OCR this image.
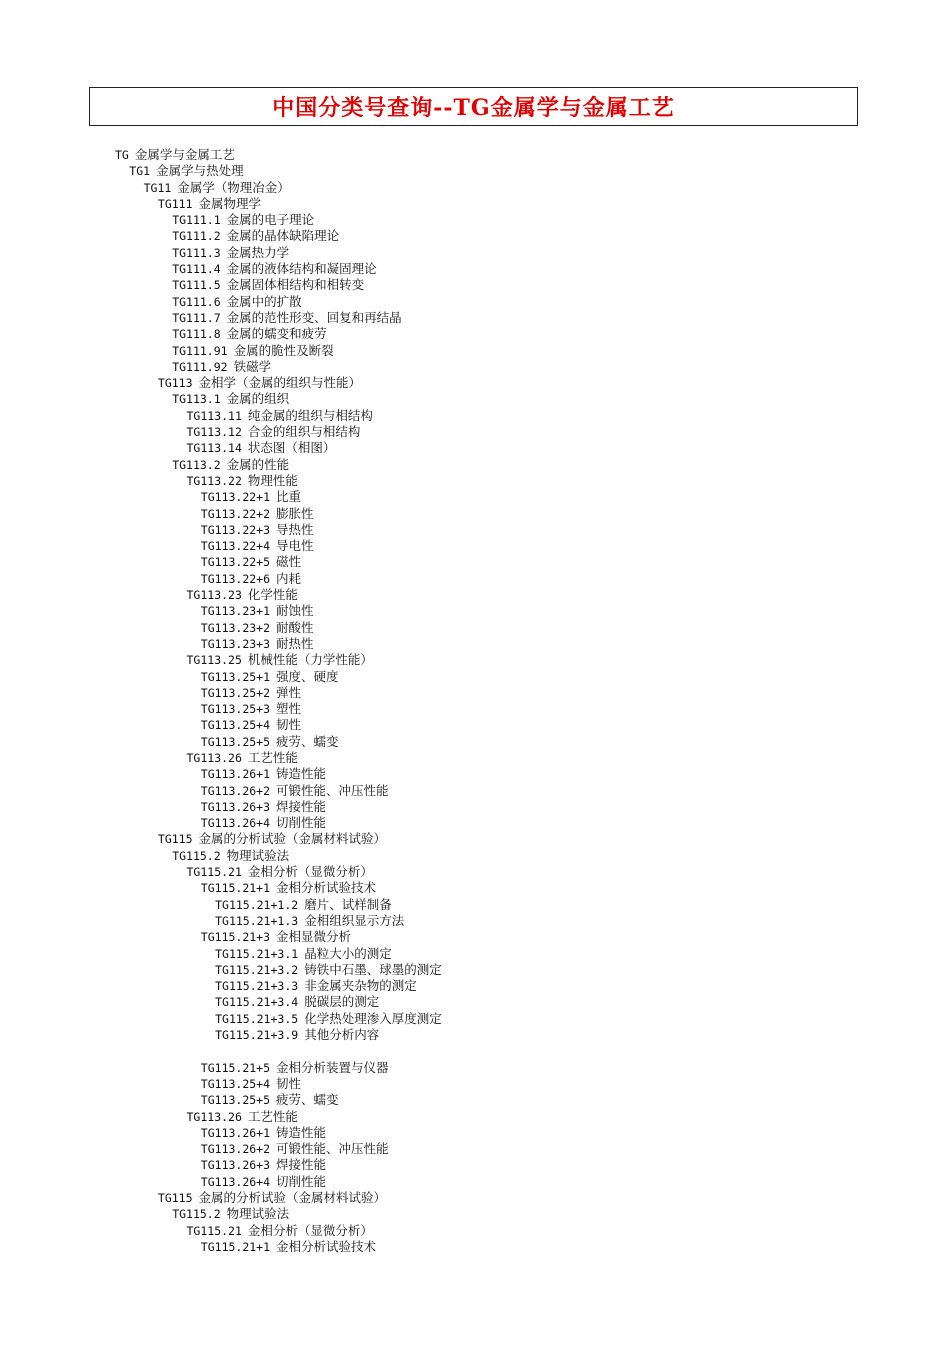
中国分类号查询--TG金属学与金属工艺
TG 金属学与金属工艺
TG1 金属学与热处理
TG11 金属学（物理冶金）
TG111 金属物理学
TG111.1 金属的电子理论
TG111.2 金属的晶体缺陷理论
TG111.3 金属热力学
TG111.4 金属的液体结构和凝固理论
TG111.5 金属固体相结构和相转变
TG111.6 金属中的扩散
TG111.7 金属的范性形变、回复和再结晶
TG111.8 金属的蠕变和疲劳
TG111.91 金属的脆性及断裂
TG111.92 铁磁学
TG113 金相学（金属的组织与性能）
TG113.1 金属的组织
TG113.11 纯金属的组织与相结构
TG113.12 合金的组织与相结构
TG113.14 状态图（相图）
TG113.2 金属的性能
TG113.22 物理性能
TG113.22+1 比重
TG113.22+2 膨胀性
TG113.22+3 导热性
TG113.22+4 导电性
TG113.22+5 磁性
TG113.22+6 内耗
TG113.23 化学性能
TG113.23+1 耐蚀性
TG113.23+2 耐酸性
TG113.23+3 耐热性
TG113.25 机械性能（力学性能）
TG113.25+1 强度、硬度
TG113.25+2 弹性
TG113.25+3 塑性
TG113.25+4 韧性
TG113.25+5 疲劳、蠕变
TG113.26 工艺性能
TG113.26+1 铸造性能
TG113.26+2 可锻性能、冲压性能
TG113.26+3 焊接性能
TG113.26+4 切削性能
TG115 金属的分析试验（金属材料试验）
TG115.2 物理试验法
TG115.21 金相分析（显微分析）
TG115.21+1 金相分析试验技术
TG115.21+1.2 磨片、试样制备
TG115.21+1.3 金相组织显示方法
TG115.21+3 金相显微分析
TG115.21+3.1 晶粒大小的测定
TG115.21+3.2 铸铁中石墨、球墨的测定
TG115.21+3.3 非金属夹杂物的测定
TG115.21+3.4 脱碳层的测定
TG115.21+3.5 化学热处理渗入厚度测定
TG115.21+3.9 其他分析内容
TG115.21+5 金相分析装置与仪器
TG113.25+4 韧性
TG113.25+5 疲劳、蠕变
TG113.26 工艺性能
TG113.26+1 铸造性能
TG113.26+2 可锻性能、冲压性能
TG113.26+3 焊接性能
TG113.26+4 切削性能
TG115 金属的分析试验（金属材料试验）
TG115.2 物理试验法
TG115.21 金相分析（显微分析）
TG115.21+1 金相分析试验技术
